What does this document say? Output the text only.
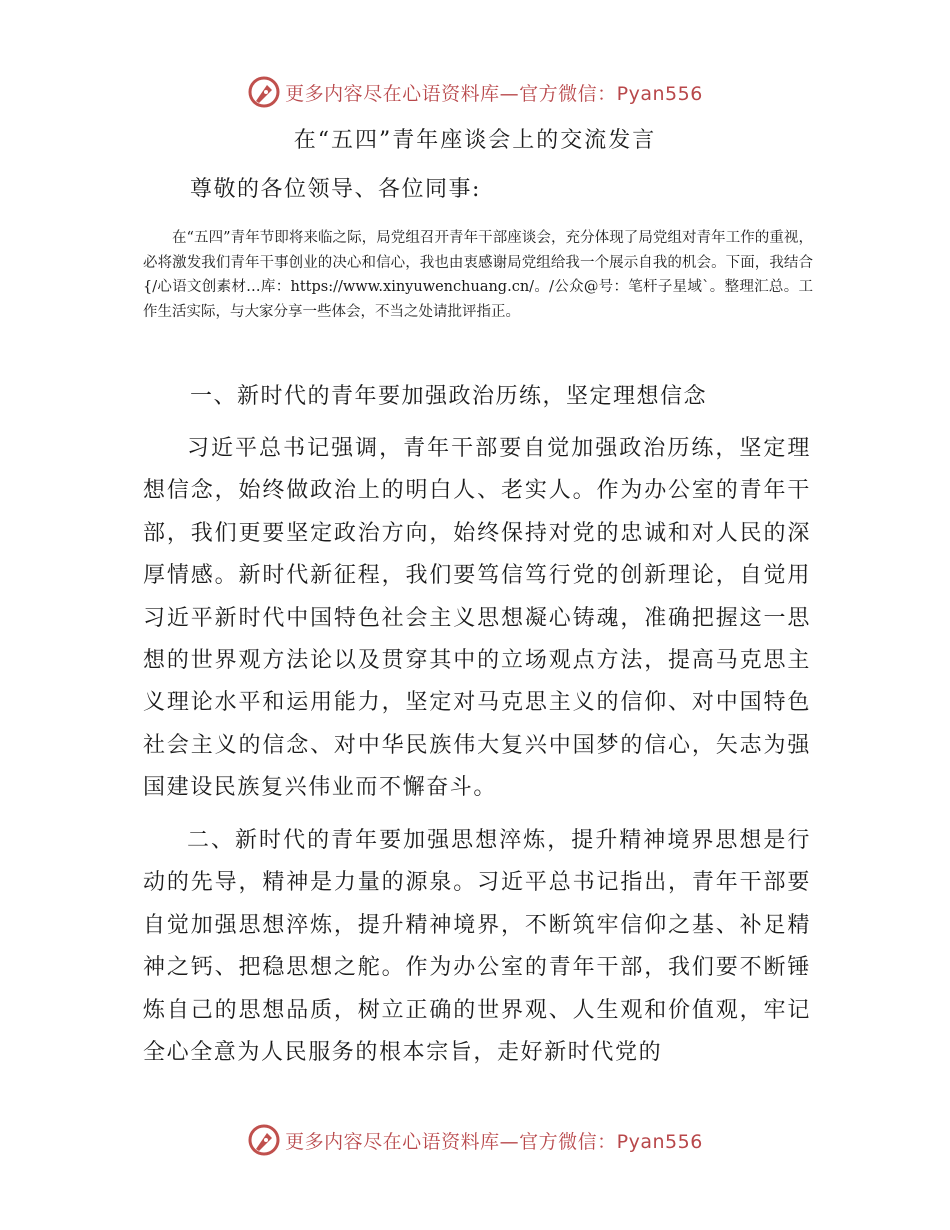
更多内容尽在心语资料库—官方微信：Pyan556
在“五四”青年座谈会上的交流发言
尊敬的各位领导、各位同事:
在“五四”青年节即将来临之际，局党组召开青年干部座谈会，充分体现了局党组对青年工作的重视，必将激发我们青年干事创业的决心和信心，我也由衷感谢局党组给我一个展示自我的机会。下面，我结合{/心语文创素材…库：https://www.xinyuwenchuang.cn/。/公众@号：笔杆子星域`。整理汇总。工作生活实际，与大家分享一些体会，不当之处请批评指正。
一、新时代的青年要加强政治历练，坚定理想信念
习近平总书记强调，青年干部要自觉加强政治历练，坚定理想信念，始终做政治上的明白人、老实人。作为办公室的青年干部，我们更要坚定政治方向，始终保持对党的忠诚和对人民的深厚情感。新时代新征程，我们要笃信笃行党的创新理论，自觉用习近平新时代中国特色社会主义思想凝心铸魂，准确把握这一思想的世界观方法论以及贯穿其中的立场观点方法，提高马克思主义理论水平和运用能力，坚定对马克思主义的信仰、对中国特色社会主义的信念、对中华民族伟大复兴中国梦的信心，矢志为强国建设民族复兴伟业而不懈奋斗。
二、新时代的青年要加强思想淬炼，提升精神境界思想是行动的先导，精神是力量的源泉。习近平总书记指出，青年干部要自觉加强思想淬炼，提升精神境界，不断筑牢信仰之基、补足精神之钙、把稳思想之舵。作为办公室的青年干部，我们要不断锤炼自己的思想品质，树立正确的世界观、人生观和价值观，牢记全心全意为人民服务的根本宗旨，走好新时代党的
更多内容尽在心语资料库—官方微信：Pyan556
